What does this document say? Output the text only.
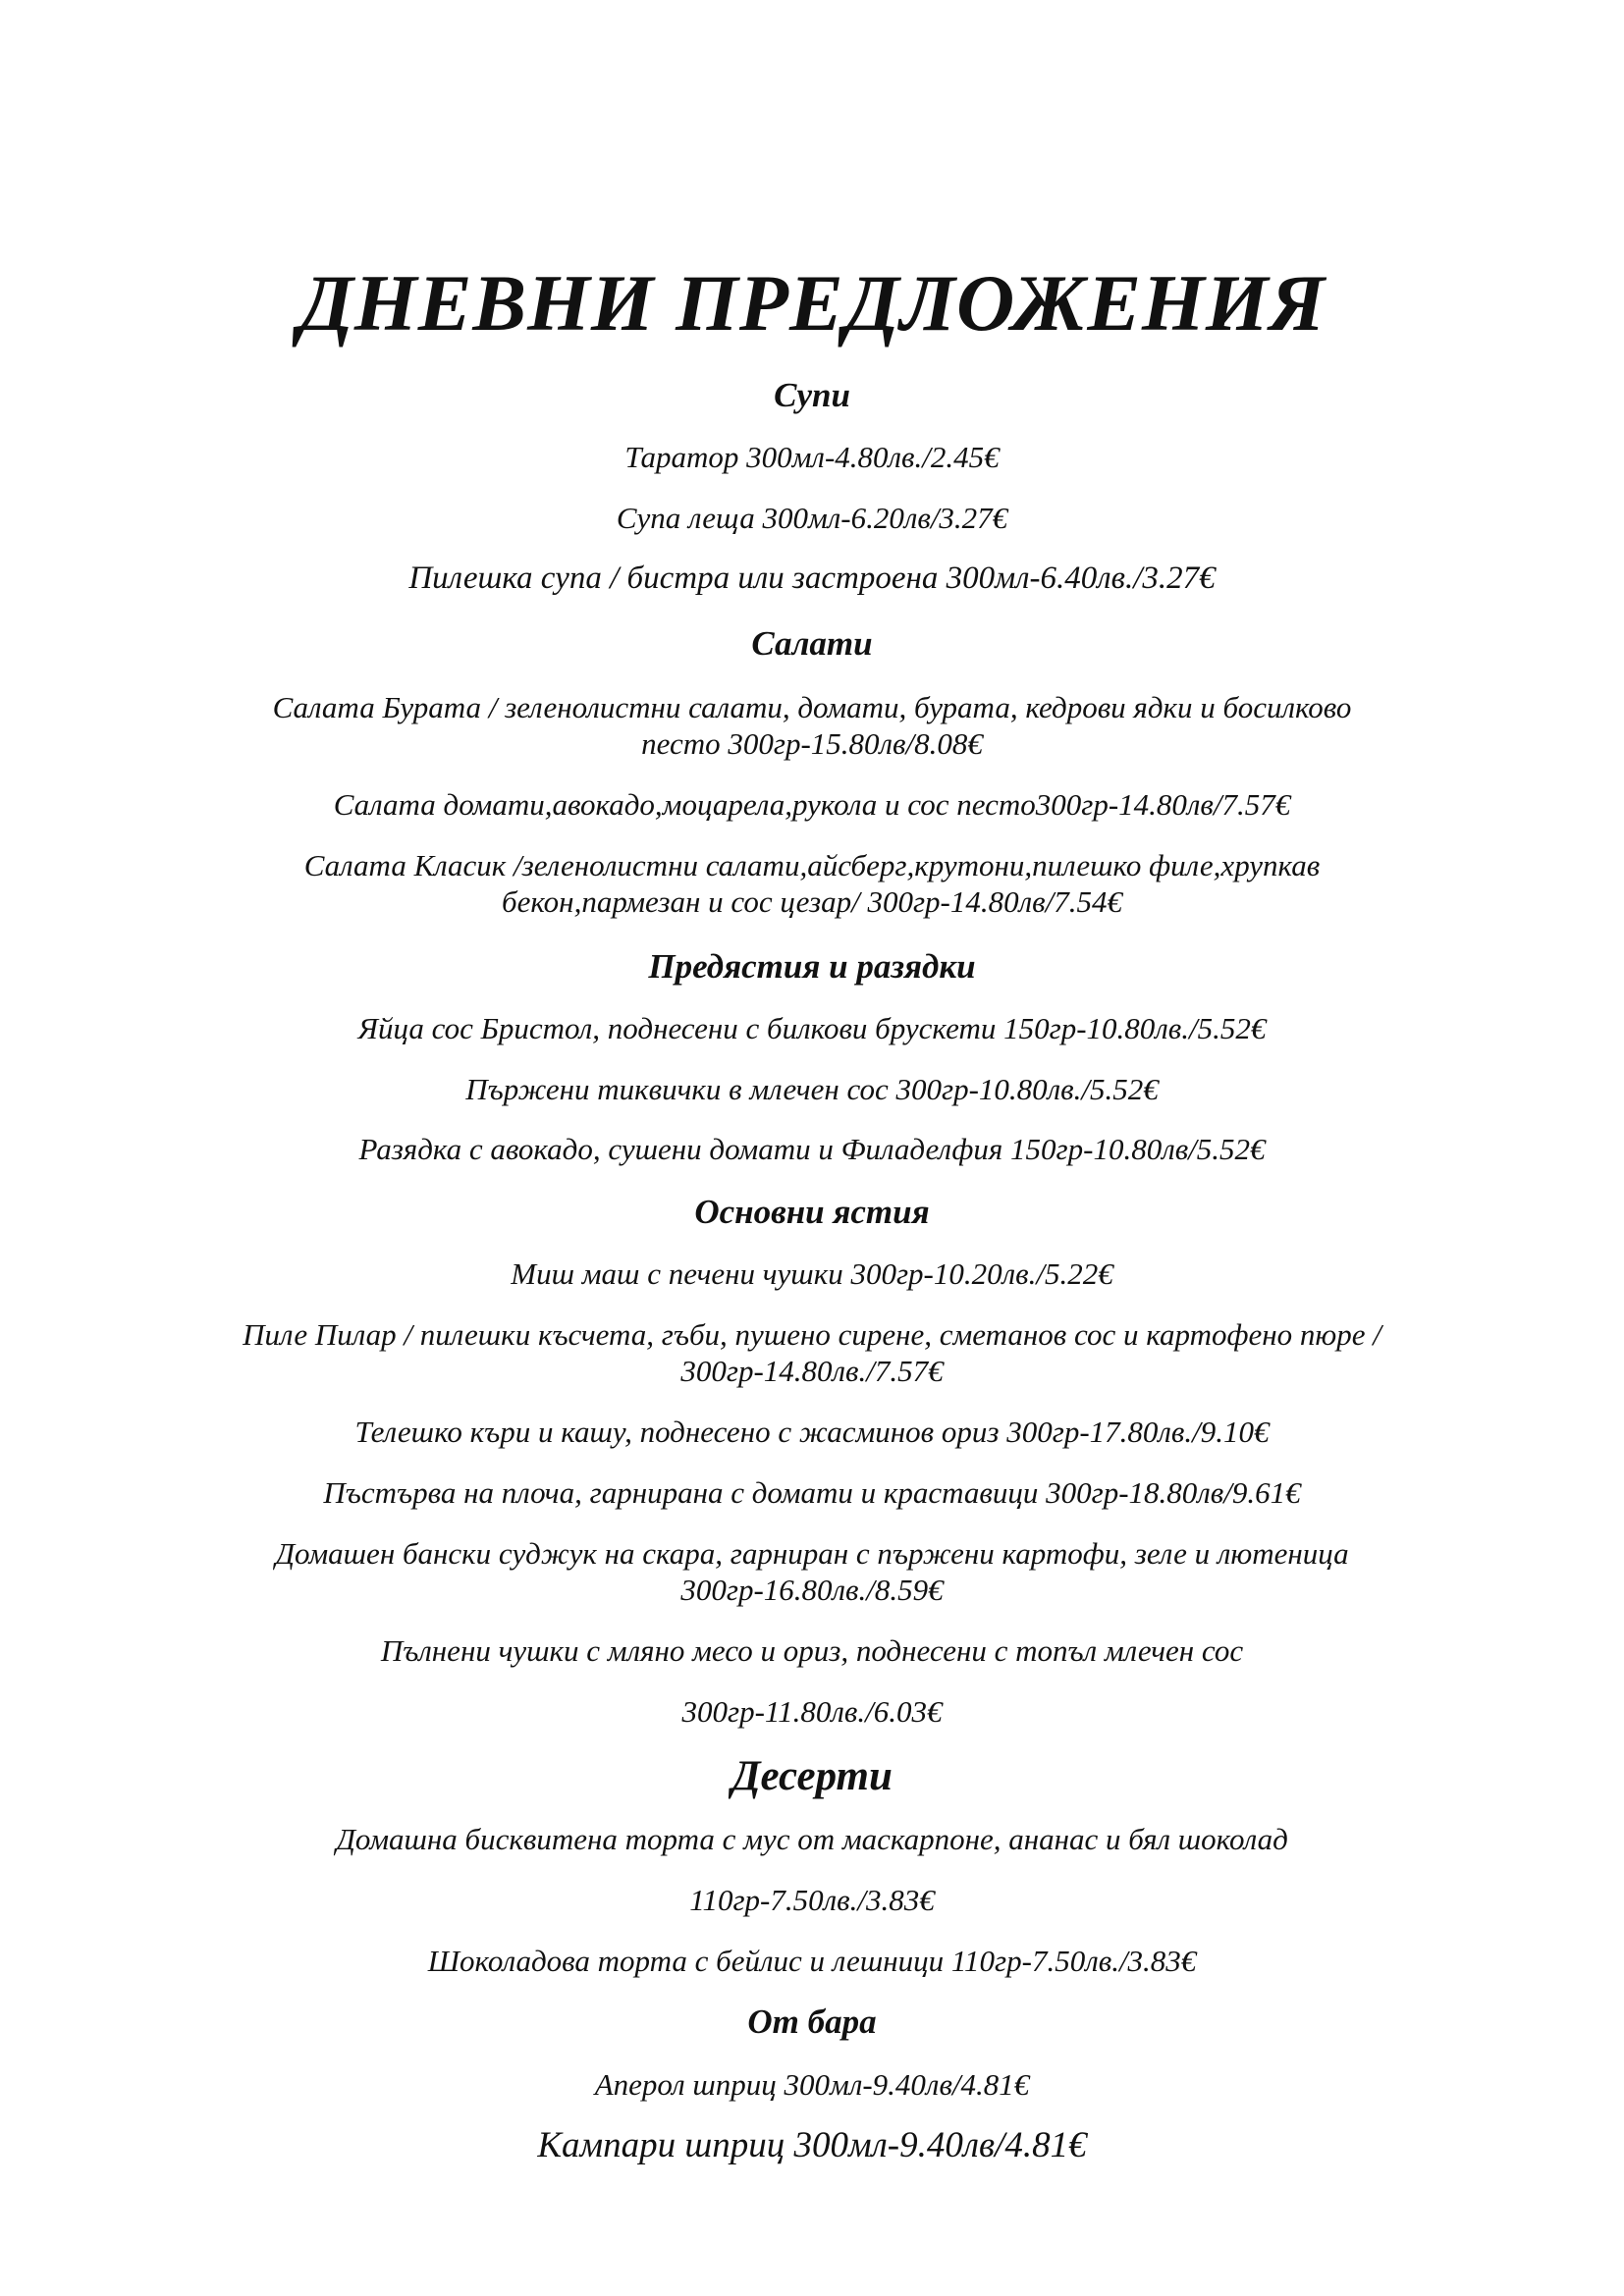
ДНЕВНИ ПРЕДЛОЖЕНИЯ
Супи
Таратор 300мл-4.80лв./2.45€
Супа леща 300мл-6.20лв/3.27€
Пилешка супа / бистра или застроена 300мл-6.40лв./3.27€
Салати
Салата Бурата / зеленолистни салати, домати, бурата, кедрови ядки и босилково
песто 300гр-15.80лв/8.08€
Салата домати,авокадо,моцарела,рукола и сос песто300гр-14.80лв/7.57€
Салата Класик /зеленолистни салати,айсберг,крутони,пилешко филе,хрупкав
бекон,пармезан и сос цезар/ 300гр-14.80лв/7.54€
Предястия и разядки
Яйца сос Бристол, поднесени с билкови брускети 150гр-10.80лв./5.52€
Пържени тиквички в млечен сос 300гр-10.80лв./5.52€
Разядка с авокадо, сушени домати и Филаделфия 150гр-10.80лв/5.52€
Основни ястия
Миш маш с печени чушки 300гр-10.20лв./5.22€
Пиле Пилар / пилешки късчета, гъби, пушено сирене, сметанов сос и картофено пюре /
300гр-14.80лв./7.57€
Телешко къри и кашу, поднесено с жасминов ориз 300гр-17.80лв./9.10€
Пъстърва на плоча, гарнирана с домати и краставици 300гр-18.80лв/9.61€
Домашен бански суджук на скара, гарниран с пържени картофи, зеле и лютеница
300гр-16.80лв./8.59€
Пълнени чушки с мляно месо и ориз, поднесени с топъл млечен сос
300гр-11.80лв./6.03€
Десерти
Домашна бисквитена торта с мус от маскарпоне, ананас и бял шоколад
110гр-7.50лв./3.83€
Шоколадова торта с бейлис и лешници 110гр-7.50лв./3.83€
От бара
Аперол шприц 300мл-9.40лв/4.81€
Кампари шприц 300мл-9.40лв/4.81€
